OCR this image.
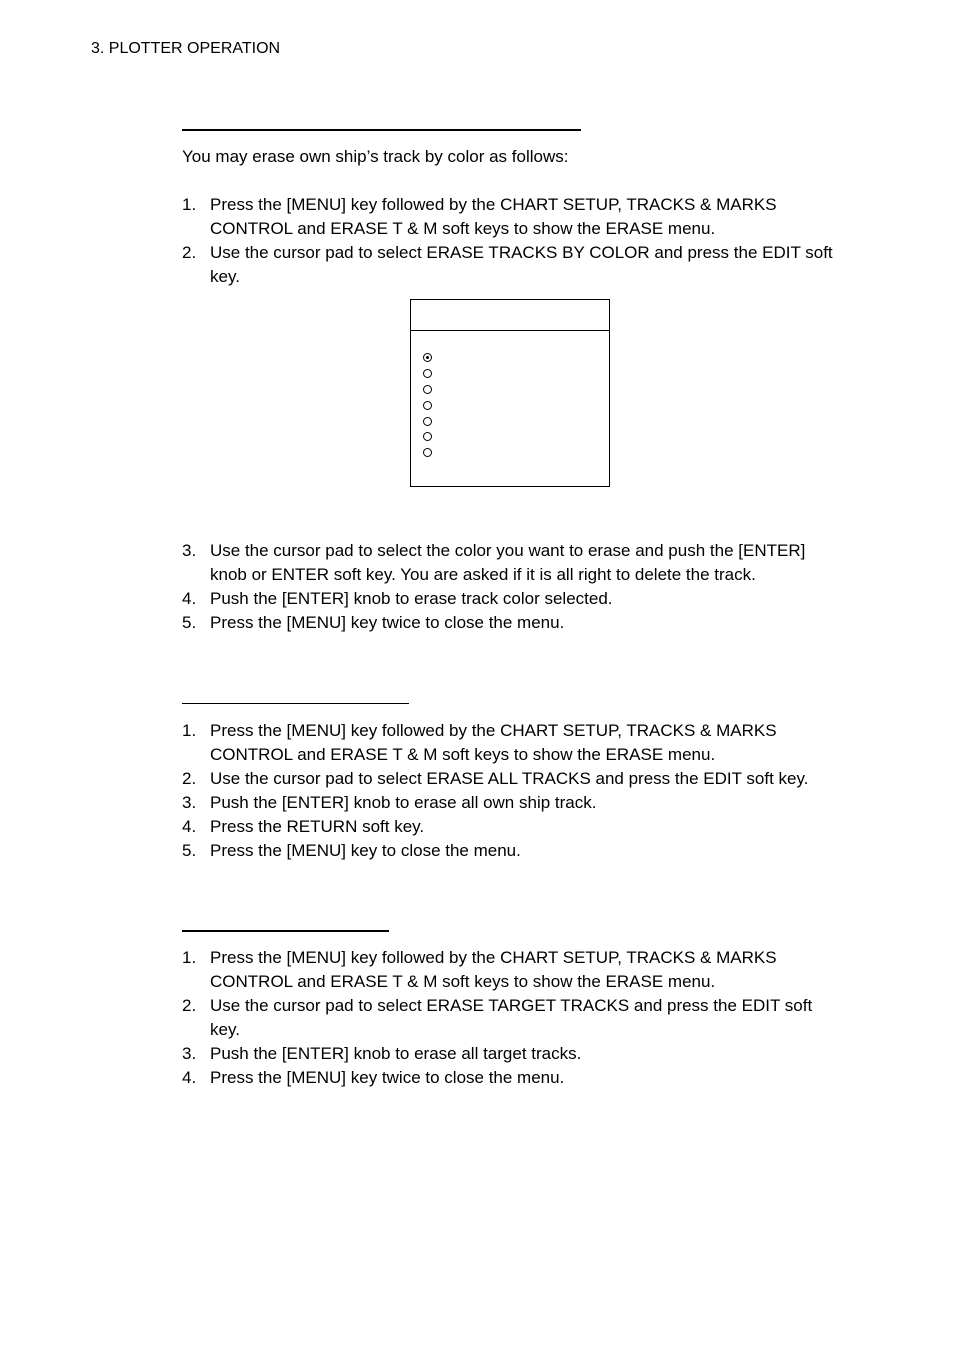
3. PLOTTER OPERATION
You may erase own ship’s track by color as follows:
1. Press the [MENU] key followed by the CHART SETUP, TRACKS & MARKS CONTROL and ERASE T & M soft keys to show the ERASE menu.
2. Use the cursor pad to select ERASE TRACKS BY COLOR and press the EDIT soft key.
3. Use the cursor pad to select the color you want to erase and push the [ENTER] knob or ENTER soft key. You are asked if it is all right to delete the track.
4. Push the [ENTER] knob to erase track color selected.
5. Press the [MENU] key twice to close the menu.
1. Press the [MENU] key followed by the CHART SETUP, TRACKS & MARKS CONTROL and ERASE T & M soft keys to show the ERASE menu.
2. Use the cursor pad to select ERASE ALL TRACKS and press the EDIT soft key.
3. Push the [ENTER] knob to erase all own ship track.
4. Press the RETURN soft key.
5. Press the [MENU] key to close the menu.
1. Press the [MENU] key followed by the CHART SETUP, TRACKS & MARKS CONTROL and ERASE T & M soft keys to show the ERASE menu.
2. Use the cursor pad to select ERASE TARGET TRACKS and press the EDIT soft key.
3. Push the [ENTER] knob to erase all target tracks.
4. Press the [MENU] key twice to close the menu.
